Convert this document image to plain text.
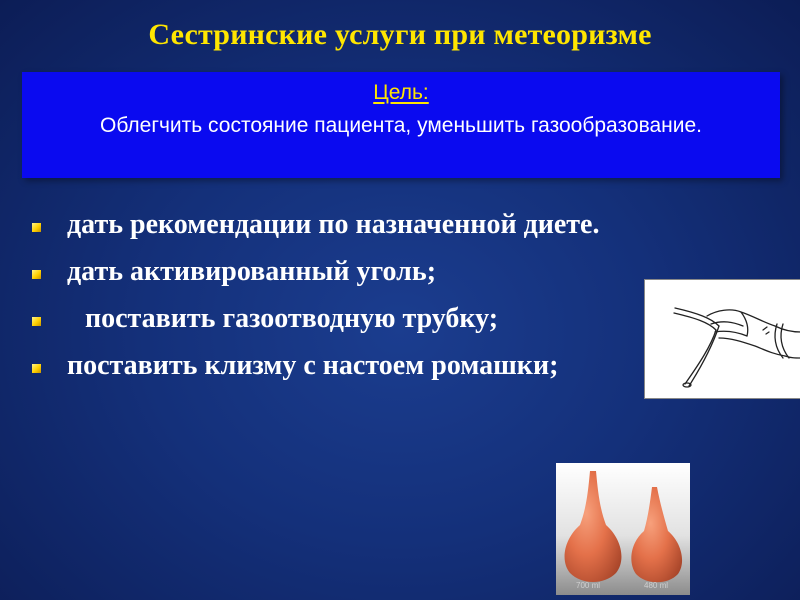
Сестринские услуги при метеоризме
Цель:
Облегчить состояние пациента, уменьшить газообразование.
дать рекомендации по назначенной диете.
дать активированный уголь;
поставить газоотводную трубку;
поставить клизму с настоем ромашки;
700 ml	480 ml
